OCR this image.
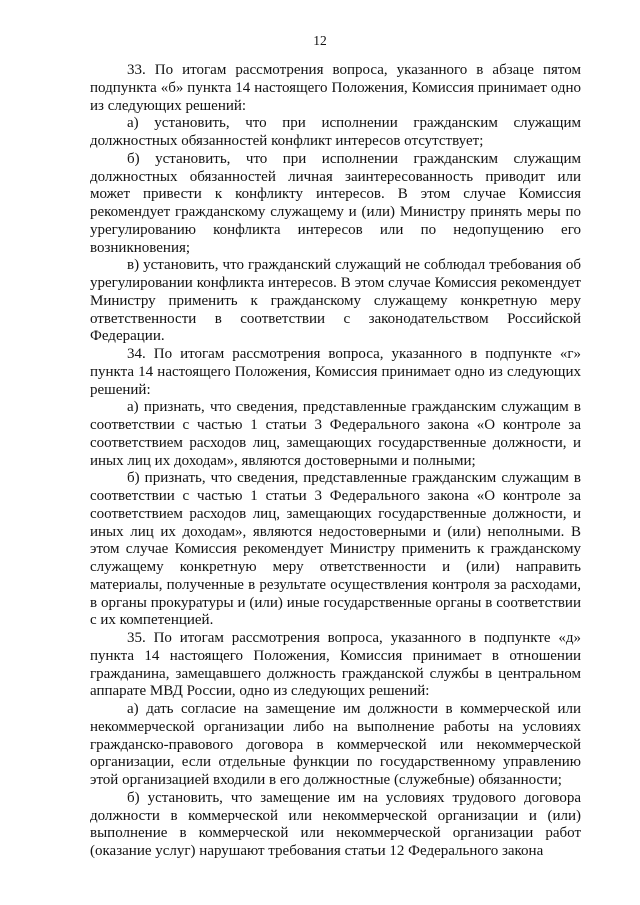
12

33. По итогам рассмотрения вопроса, указанного в абзаце пятом подпункта «б» пункта 14 настоящего Положения, Комиссия принимает одно из следующих решений:

а) установить, что при исполнении гражданским служащим должностных обязанностей конфликт интересов отсутствует;

б) установить, что при исполнении гражданским служащим должностных обязанностей личная заинтересованность приводит или может привести к конфликту интересов. В этом случае Комиссия рекомендует гражданскому служащему и (или) Министру принять меры по урегулированию конфликта интересов или по недопущению его возникновения;

в) установить, что гражданский служащий не соблюдал требования об урегулировании конфликта интересов. В этом случае Комиссия рекомендует Министру применить к гражданскому служащему конкретную меру ответственности в соответствии с законодательством Российской Федерации.

34. По итогам рассмотрения вопроса, указанного в подпункте «г» пункта 14 настоящего Положения, Комиссия принимает одно из следующих решений:

а) признать, что сведения, представленные гражданским служащим в соответствии с частью 1 статьи 3 Федерального закона «О контроле за соответствием расходов лиц, замещающих государственные должности, и иных лиц их доходам», являются достоверными и полными;

б) признать, что сведения, представленные гражданским служащим в соответствии с частью 1 статьи 3 Федерального закона «О контроле за соответствием расходов лиц, замещающих государственные должности, и иных лиц их доходам», являются недостоверными и (или) неполными. В этом случае Комиссия рекомендует Министру применить к гражданскому служащему конкретную меру ответственности и (или) направить материалы, полученные в результате осуществления контроля за расходами, в органы прокуратуры и (или) иные государственные органы в соответствии с их компетенцией.

35. По итогам рассмотрения вопроса, указанного в подпункте «д» пункта 14 настоящего Положения, Комиссия принимает в отношении гражданина, замещавшего должность гражданской службы в центральном аппарате МВД России, одно из следующих решений:

а) дать согласие на замещение им должности в коммерческой или некоммерческой организации либо на выполнение работы на условиях гражданско-правового договора в коммерческой или некоммерческой организации, если отдельные функции по государственному управлению этой организацией входили в его должностные (служебные) обязанности;

б) установить, что замещение им на условиях трудового договора должности в коммерческой или некоммерческой организации и (или) выполнение в коммерческой или некоммерческой организации работ (оказание услуг) нарушают требования статьи 12 Федерального закона
